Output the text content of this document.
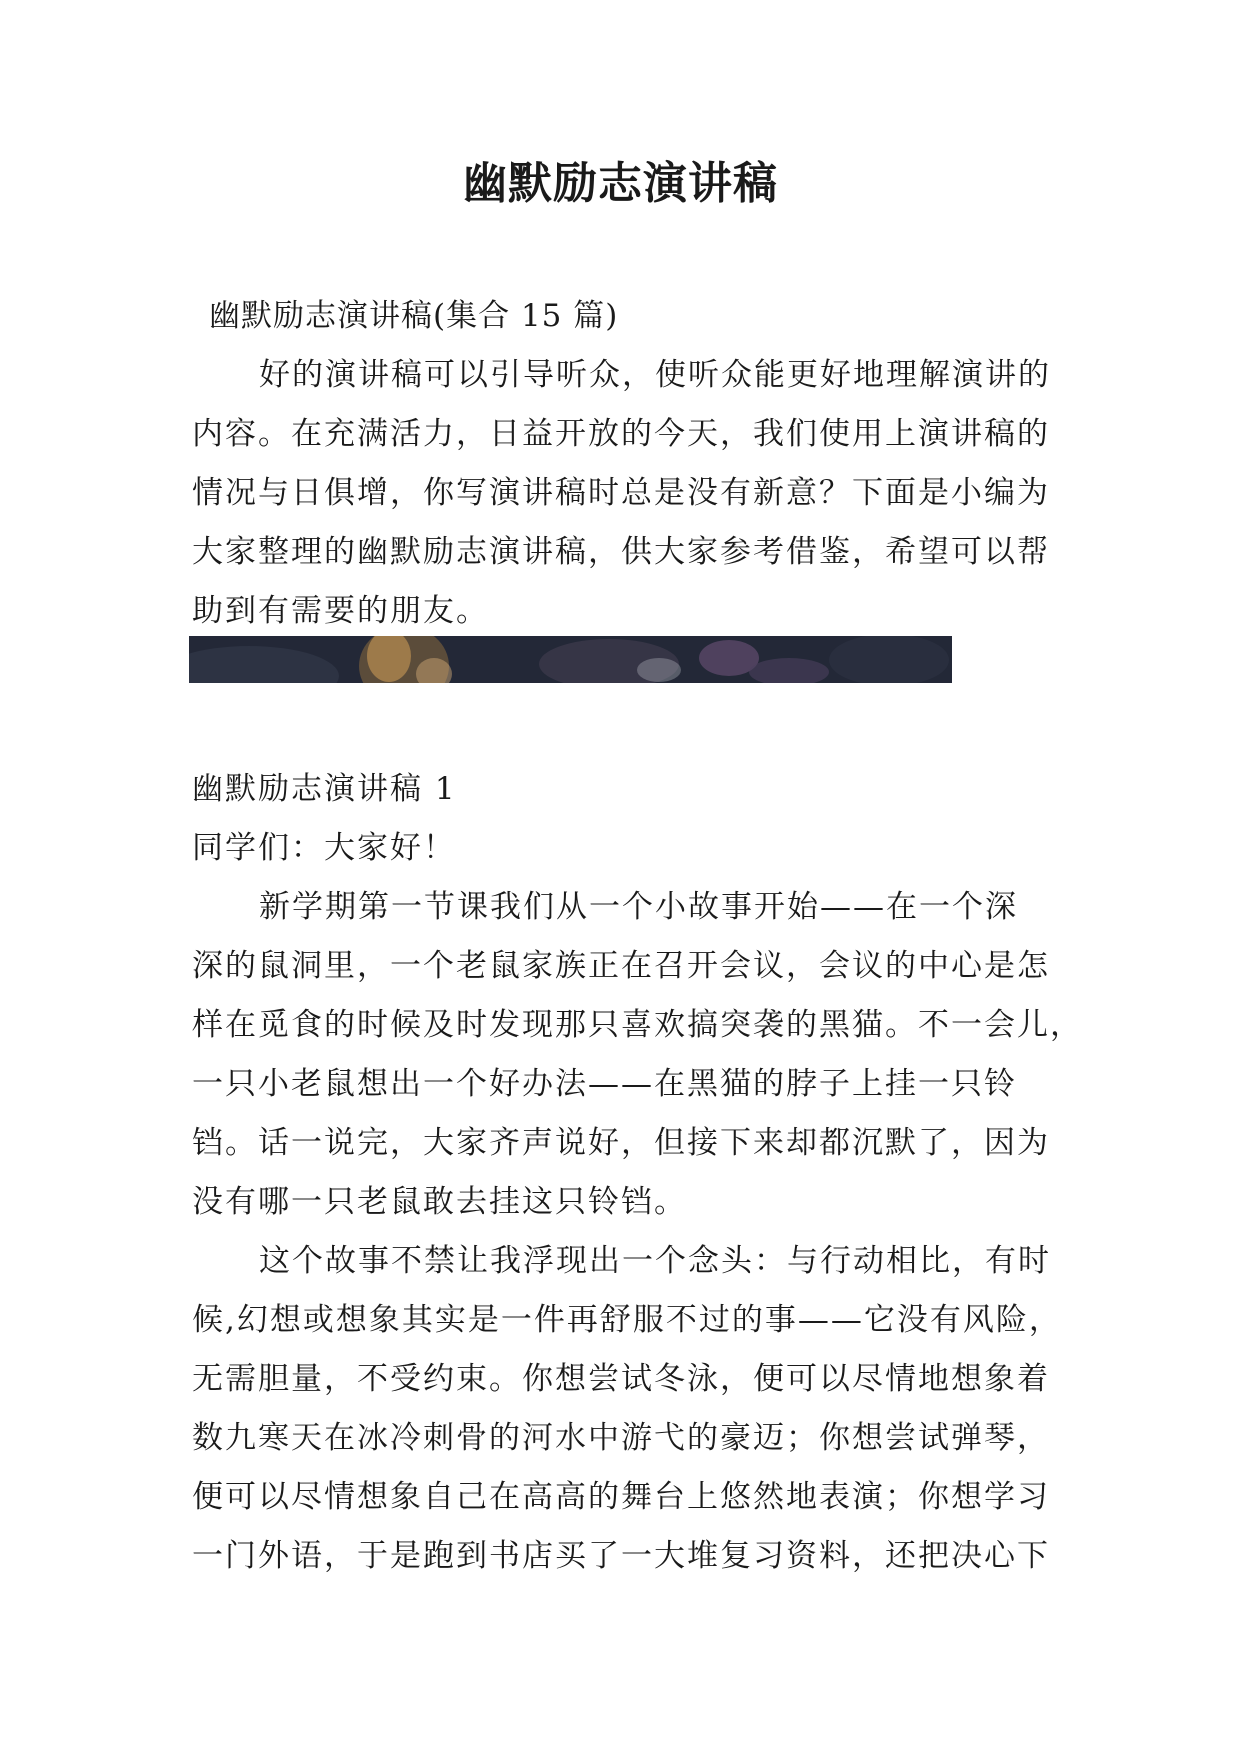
幽默励志演讲稿
幽默励志演讲稿(集合 15 篇)
好的演讲稿可以引导听众，使听众能更好地理解演讲的
内容。在充满活力，日益开放的今天，我们使用上演讲稿的
情况与日俱增，你写演讲稿时总是没有新意？下面是小编为
大家整理的幽默励志演讲稿，供大家参考借鉴，希望可以帮
助到有需要的朋友。
幽默励志演讲稿 1
同学们：大家好！
新学期第一节课我们从一个小故事开始——在一个深
深的鼠洞里，一个老鼠家族正在召开会议，会议的中心是怎
样在觅食的时候及时发现那只喜欢搞突袭的黑猫。不一会儿，
一只小老鼠想出一个好办法——在黑猫的脖子上挂一只铃
铛。话一说完，大家齐声说好，但接下来却都沉默了，因为
没有哪一只老鼠敢去挂这只铃铛。
这个故事不禁让我浮现出一个念头：与行动相比，有时
候,幻想或想象其实是一件再舒服不过的事——它没有风险，
无需胆量，不受约束。你想尝试冬泳，便可以尽情地想象着
数九寒天在冰冷刺骨的河水中游弋的豪迈；你想尝试弹琴，
便可以尽情想象自己在高高的舞台上悠然地表演；你想学习
一门外语，于是跑到书店买了一大堆复习资料，还把决心下
